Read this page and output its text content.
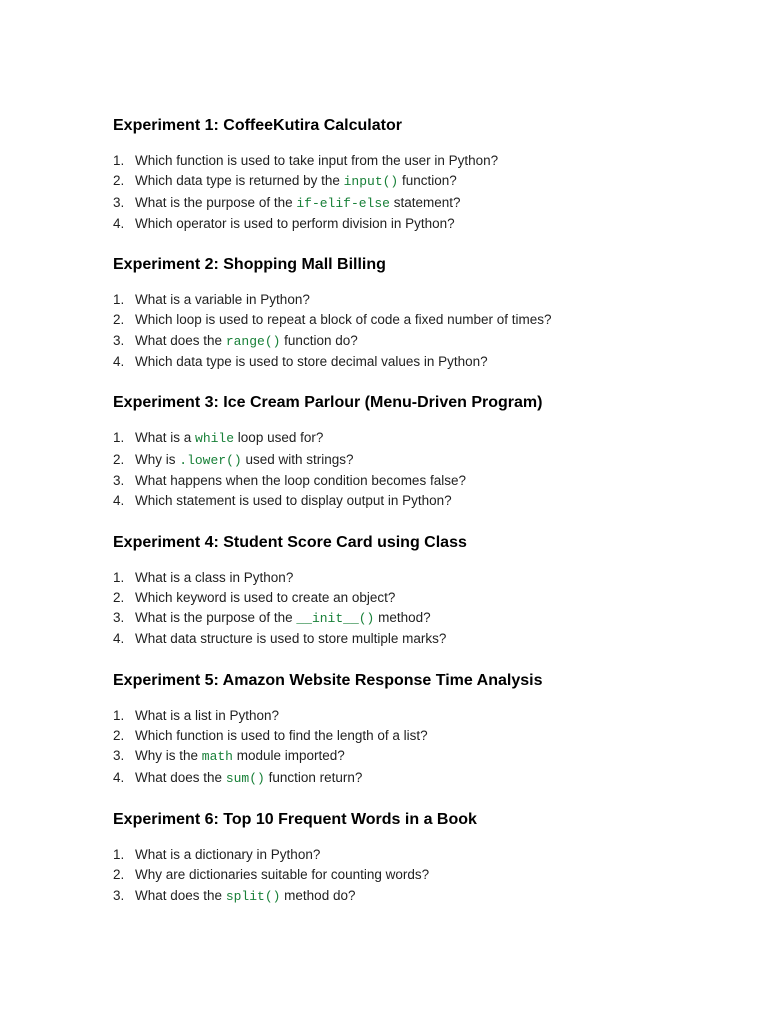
Experiment 1: CoffeeKutira Calculator
1. Which function is used to take input from the user in Python?
2. Which data type is returned by the input() function?
3. What is the purpose of the if-elif-else statement?
4. Which operator is used to perform division in Python?
Experiment 2: Shopping Mall Billing
1. What is a variable in Python?
2. Which loop is used to repeat a block of code a fixed number of times?
3. What does the range() function do?
4. Which data type is used to store decimal values in Python?
Experiment 3: Ice Cream Parlour (Menu-Driven Program)
1. What is a while loop used for?
2. Why is .lower() used with strings?
3. What happens when the loop condition becomes false?
4. Which statement is used to display output in Python?
Experiment 4: Student Score Card using Class
1. What is a class in Python?
2. Which keyword is used to create an object?
3. What is the purpose of the __init__() method?
4. What data structure is used to store multiple marks?
Experiment 5: Amazon Website Response Time Analysis
1. What is a list in Python?
2. Which function is used to find the length of a list?
3. Why is the math module imported?
4. What does the sum() function return?
Experiment 6: Top 10 Frequent Words in a Book
1. What is a dictionary in Python?
2. Why are dictionaries suitable for counting words?
3. What does the split() method do?
